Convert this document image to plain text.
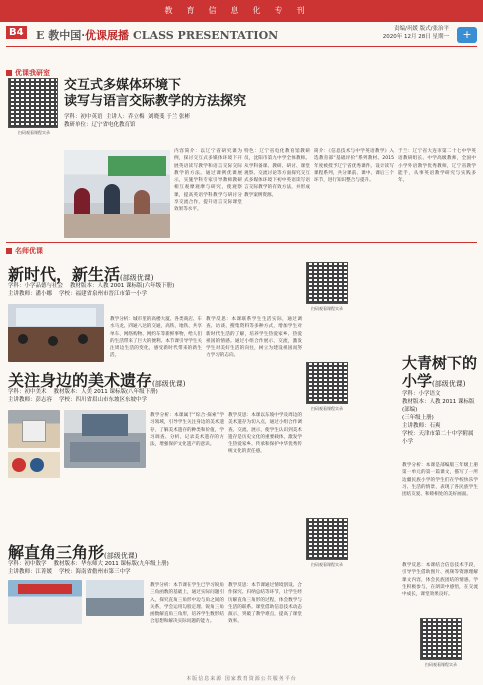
教育信息化专刊
B4 E 教中国·优课展播 CLASS PRESENTATION	责编/巩媛 版式/张治平
2020年 12月 28日 星期一	+
优课我研室
扫码观看课程实录
交互式多媒体环境下
读写与语言交际教学的方法探究
学科：初中英语 主讲人：乔立梅 刘晓斐 于兰 张彬
教研单位：辽宁省电化教育馆
内容简介：以辽宁省研究课为例，探讨交互式多媒体环境下开展英语读写教学和语言交际交际教学的方法。通过课例优课展示，实施学科专家引导教师教研相互观摩观摩与研究，使观察课，提高英语学科教学与研讨分享交流合作，提升语言交际课堂效果等水平。
特色：辽宁省电化教育馆教研员，沈阳市第九中学全体教师。从学科备课、教研、研讨、课堂观察、交流讨论等方面探究交互式多媒体环境下初中英语读写语言交际教学的有效方法，并形成教学案例资源。
简介：《信息技术与中学英语教学》入选教育部“基础评价”系列教材。2015年度被授予辽宁省优秀课件。设计读写课程系列，共分课前、课中、课后三个环节，进行知识整合与提升。
于兰：辽宁省大连市第二十七中学英语教研组长、中学高级教师，全国中小学外语教学优秀教师，辽宁省教学能手，从事英语教学研究与实践多年。
名师优课
新时代，新生活(部级优课)
学科：小学品德与社会 教材版本：人教 2001 课标版(六年级下册)
主讲教师：潘小娜 学校：福建省泉州市晋江市第一小学
扫码观看课程实录
教学分析：城市里的高楼大厦、各类商店、车水马龙、四通八达的交通，高铁、地铁、共享单车、网络购物、网约车等新鲜事物，给人们的生活带来了巨大的便利。本节课引导学生关注周边生活的变化，感受新时代带来的新生活。
教学反思：本课联系学生生活实际，通过调查、访谈、搜集资料等多种方式，增加学生对新时代生活的了解，培养学生热爱家乡、热爱祖国的情感。通过小组合作展示、交流，激发学生对美好生活的向往，树立为建设祖国而努力学习的志向。
关注身边的美术遗存(部级优课)
学科：初中美术 教材版本：人美 2011 课标版(八年级下册)
主讲教师：彭志容 学校：四川省眉山市东坡区东坡中学
扫码观看课程实录
教学分析：本课属于“综合·探索”学习领域，引导学生关注身边的美术遗存，了解美术遗存的种类和价值，学习调查、分析、记录美术遗存的方法，增强保护文化遗产的意识。
教学反思：本课以东坡中学及周边的美术遗存为切入点，通过小组合作调查、交流、展示，使学生认识到美术遗存是历史文化的重要载体，激发学生热爱家乡、传承和保护中华优秀传统文化的责任感。
解直角三角形(部级优课)
学科：初中数学 教材版本：华东师大 2011 课标版(九年级上册)
主讲教师：江菁媛 学校：海南省儋州市第三中学
扫码观看课程实录
教学分析：本节课在学生已学习锐角三角函数的基础上，通过实际问题引入，探究直角三角形中边与角之间的关系，学会运用勾股定理、锐角三角函数解直角三角形，培养学生数形结合思想和解决实际问题的能力。
教学反思：本节课通过情境创设、合作探究、归纳总结等环节，让学生经历解直角三角形的过程，体会数学与生活的联系。课堂借助信息技术动态演示，突破了教学难点，提高了课堂效率。
大青树下的
小学(部级优课)
学科：小学语文
教材版本：人教 2011 课标版(部编)
(三年级上册)
主讲教师：石爽
学校：天津市第二十中学附属小学
教学分析：本课是部编版三年级上册第一单元的第一篇课文，描写了一所边疆民族小学的学生们在学校快乐学习、生活的情景，表现了各民族学生团结友爱、和睦相处的美好画面。
教学反思：本课结合信息技术手段，引导学生借助图片、视频等资源理解课文内容，体会民族团结的情感。学生积极参与，在朗读中感悟，在交流中成长，课堂效果良好。
扫码观看课程实录
本版信息来源 国家教育资源公共服务平台
